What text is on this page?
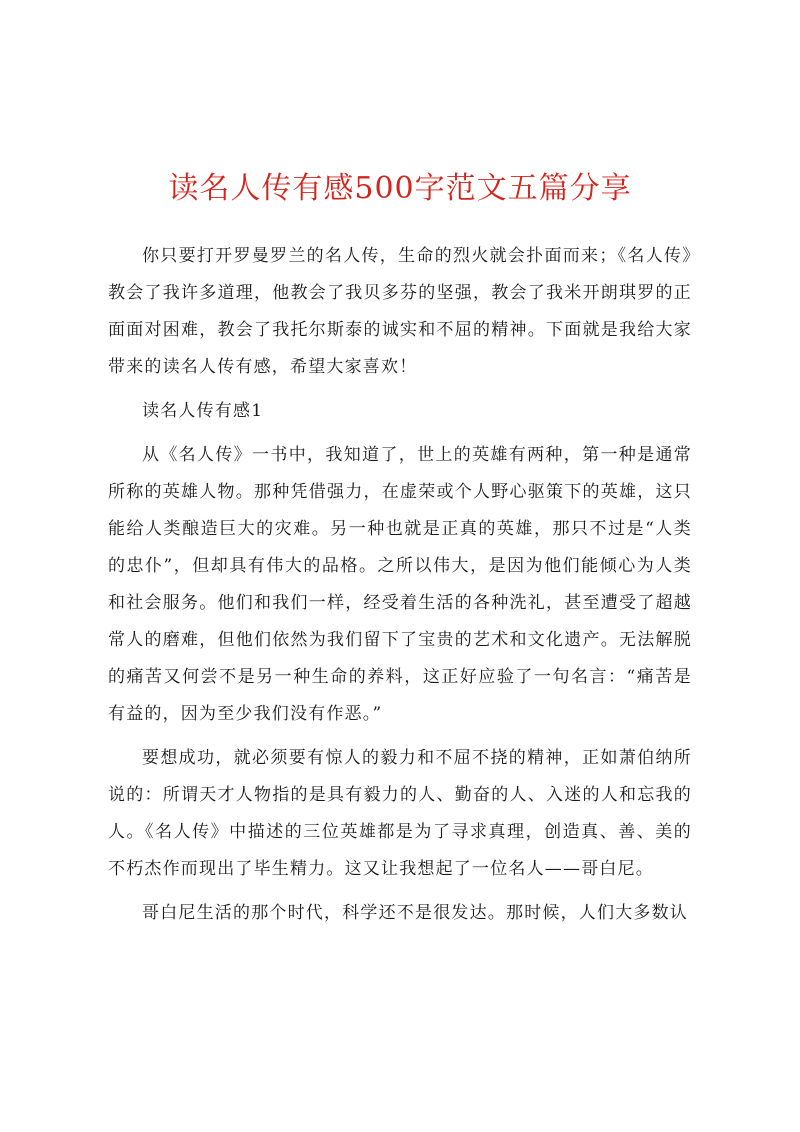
读名人传有感500字范文五篇分享

你只要打开罗曼罗兰的名人传，生命的烈火就会扑面而来；《名人传》教会了我许多道理，他教会了我贝多芬的坚强，教会了我米开朗琪罗的正面面对困难，教会了我托尔斯泰的诚实和不屈的精神。下面就是我给大家带来的读名人传有感，希望大家喜欢！

读名人传有感1

从《名人传》一书中，我知道了，世上的英雄有两种，第一种是通常所称的英雄人物。那种凭借强力，在虚荣或个人野心驱策下的英雄，这只能给人类酿造巨大的灾难。另一种也就是正真的英雄，那只不过是“人类的忠仆”，但却具有伟大的品格。之所以伟大，是因为他们能倾心为人类和社会服务。他们和我们一样，经受着生活的各种洗礼，甚至遭受了超越常人的磨难，但他们依然为我们留下了宝贵的艺术和文化遗产。无法解脱的痛苦又何尝不是另一种生命的养料，这正好应验了一句名言：“痛苦是有益的，因为至少我们没有作恶。”

要想成功，就必须要有惊人的毅力和不屈不挠的精神，正如萧伯纳所说的：所谓天才人物指的是具有毅力的人、勤奋的人、入迷的人和忘我的人。《名人传》中描述的三位英雄都是为了寻求真理，创造真、善、美的不朽杰作而现出了毕生精力。这又让我想起了一位名人——哥白尼。

哥白尼生活的那个时代，科学还不是很发达。那时候，人们大多数认
